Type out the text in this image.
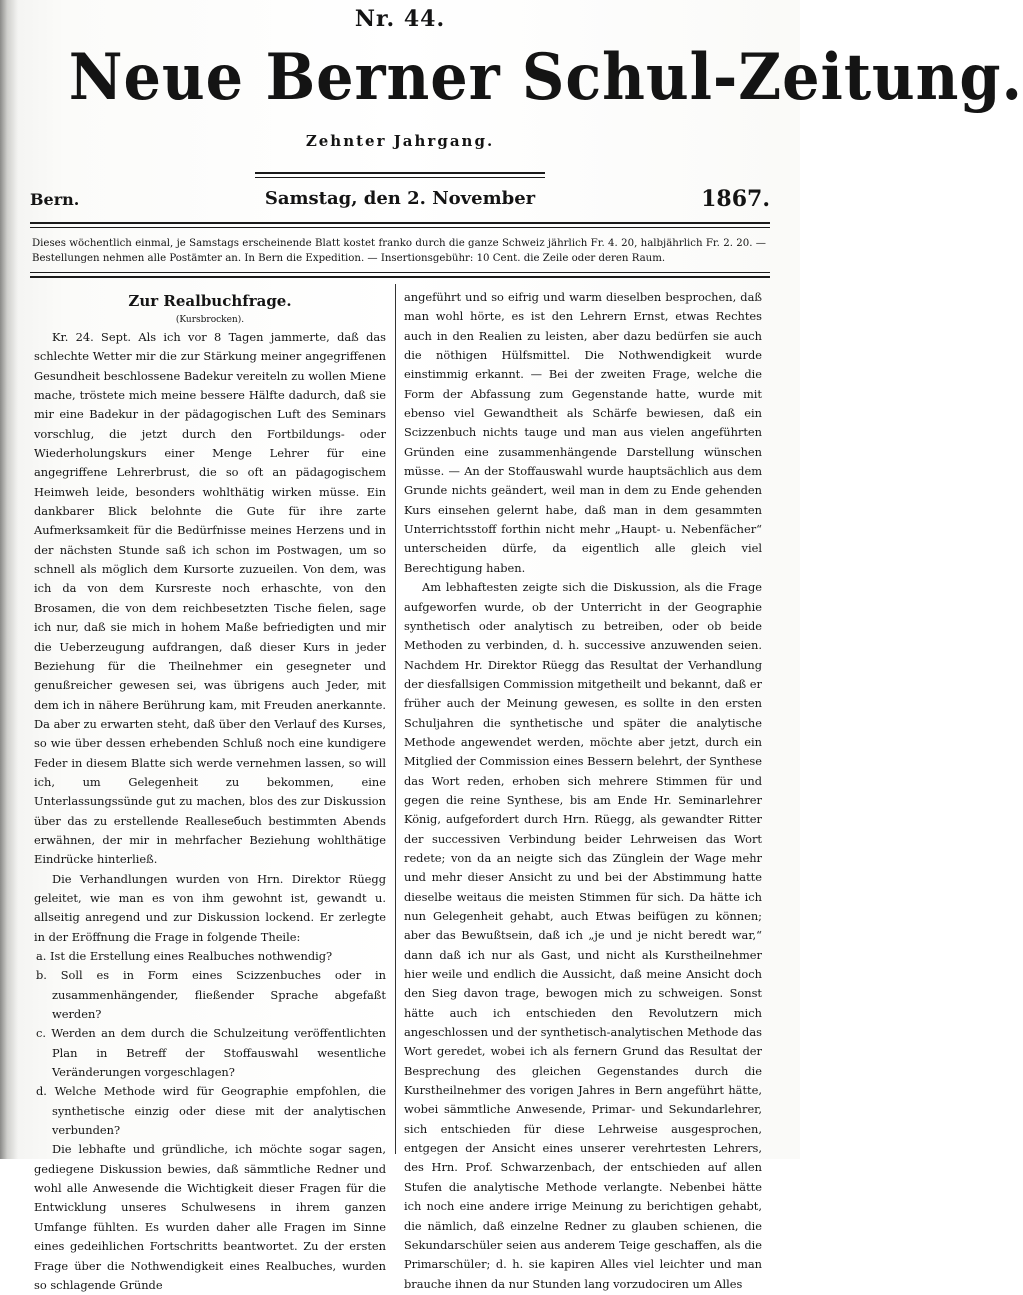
Nr. 44.
Neue Berner Schul-Zeitung.
Zehnter Jahrgang.
Bern.	Samstag, den 2. November	1867.
Dieses wöchentlich einmal, je Samstags erscheinende Blatt kostet franko durch die ganze Schweiz jährlich Fr. 4. 20, halbjährlich Fr. 2. 20. — Bestellungen nehmen alle Postämter an. In Bern die Expedition. — Insertionsgebühr: 10 Cent. die Zeile oder deren Raum.
Zur Realbuchfrage.
(Kursbrocken).

Kr. 24. Sept. Als ich vor 8 Tagen jammerte, daß das schlechte Wetter mir die zur Stärkung meiner angegriffenen Gesundheit beschlossene Badekur vereiteln zu wollen Miene mache, tröstete mich meine bessere Hälfte dadurch, daß sie mir eine Badekur in der pädagogischen Luft des Seminars vorschlug, die jetzt durch den Fortbildungs- oder Wiederholungskurs einer Menge Lehrer für eine angegriffene Lehrerbrust, die so oft an pädagogischem Heimweh leide, besonders wohlthätig wirken müsse. Ein dankbarer Blick belohnte die Gute für ihre zarte Aufmerksamkeit für die Bedürfnisse meines Herzens und in der nächsten Stunde saß ich schon im Postwagen, um so schnell als möglich dem Kursorte zuzueilen. Von dem, was ich da von dem Kursreste noch erhaschte, von den Brosamen, die von dem reichbesetzten Tische fielen, sage ich nur, daß sie mich in hohem Maße befriedigten und mir die Ueberzeugung aufdrangen, daß dieser Kurs in jeder Beziehung für die Theilnehmer ein gesegneter und genußreicher gewesen sei, was übrigens auch Jeder, mit dem ich in nähere Berührung kam, mit Freuden anerkannte. Da aber zu erwarten steht, daß über den Verlauf des Kurses, so wie über dessen erhebenden Schluß noch eine kundigere Feder in diesem Blatte sich werde vernehmen lassen, so will ich, um Gelegenheit zu bekommen, eine Unterlassungssünde gut zu machen, blos des zur Diskussion über das zu erstellende Realleseбuch bestimmten Abends erwähnen, der mir in mehrfacher Beziehung wohlthätige Eindrücke hinterließ.

Die Verhandlungen wurden von Hrn. Direktor Rüegg geleitet, wie man es von ihm gewohnt ist, gewandt u. allseitig anregend und zur Diskussion lockend. Er zerlegte in der Eröffnung die Frage in folgende Theile:

a. Ist die Erstellung eines Realbuches nothwendig?

b. Soll es in Form eines Scizzenbuches oder in zusammenhängender, fließender Sprache abgefaßt werden?

c. Werden an dem durch die Schulzeitung veröffentlichten Plan in Betreff der Stoffauswahl wesentliche Veränderungen vorgeschlagen?

d. Welche Methode wird für Geographie empfohlen, die synthetische einzig oder diese mit der analytischen verbunden?

Die lebhafte und gründliche, ich möchte sogar sagen, gediegene Diskussion bewies, daß sämmtliche Redner und wohl alle Anwesende die Wichtigkeit dieser Fragen für die Entwicklung unseres Schulwesens in ihrem ganzen Umfange fühlten. Es wurden daher alle Fragen im Sinne eines gedeihlichen Fortschritts beantwortet. Zu der ersten Frage über die Nothwendigkeit eines Realbuches, wurden so schlagende Gründe

angeführt und so eifrig und warm dieselben besprochen, daß man wohl hörte, es ist den Lehrern Ernst, etwas Rechtes auch in den Realien zu leisten, aber dazu bedürfen sie auch die nöthigen Hülfsmittel. Die Nothwendigkeit wurde einstimmig erkannt. — Bei der zweiten Frage, welche die Form der Abfassung zum Gegenstande hatte, wurde mit ebenso viel Gewandtheit als Schärfe bewiesen, daß ein Scizzenbuch nichts tauge und man aus vielen angeführten Gründen eine zusammenhängende Darstellung wünschen müsse. — An der Stoffauswahl wurde hauptsächlich aus dem Grunde nichts geändert, weil man in dem zu Ende gehenden Kurs einsehen gelernt habe, daß man in dem gesammten Unterrichtsstoff forthin nicht mehr „Haupt- u. Nebenfächer“ unterscheiden dürfe, da eigentlich alle gleich viel Berechtigung haben.

Am lebhaftesten zeigte sich die Diskussion, als die Frage aufgeworfen wurde, ob der Unterricht in der Geographie synthetisch oder analytisch zu betreiben, oder ob beide Methoden zu verbinden, d. h. successive anzuwenden seien. Nachdem Hr. Direktor Rüegg das Resultat der Verhandlung der diesfallsigen Commission mitgetheilt und bekannt, daß er früher auch der Meinung gewesen, es sollte in den ersten Schuljahren die synthetische und später die analytische Methode angewendet werden, möchte aber jetzt, durch ein Mitglied der Commission eines Bessern belehrt, der Synthese das Wort reden, erhoben sich mehrere Stimmen für und gegen die reine Synthese, bis am Ende Hr. Seminarlehrer König, aufgefordert durch Hrn. Rüegg, als gewandter Ritter der successiven Verbindung beider Lehrweisen das Wort redete; von da an neigte sich das Zünglein der Wage mehr und mehr dieser Ansicht zu und bei der Abstimmung hatte dieselbe weitaus die meisten Stimmen für sich. Da hätte ich nun Gelegenheit gehabt, auch Etwas beifügen zu können; aber das Bewußtsein, daß ich „je und je nicht beredt war,“ dann daß ich nur als Gast, und nicht als Kurstheilnehmer hier weile und endlich die Aussicht, daß meine Ansicht doch den Sieg davon trage, bewogen mich zu schweigen. Sonst hätte auch ich entschieden den Revolutzern mich angeschlossen und der synthetisch-analytischen Methode das Wort geredet, wobei ich als fernern Grund das Resultat der Besprechung des gleichen Gegenstandes durch die Kurstheilnehmer des vorigen Jahres in Bern angeführt hätte, wobei sämmtliche Anwesende, Primar- und Sekundarlehrer, sich entschieden für diese Lehrweise ausgesprochen, entgegen der Ansicht eines unserer verehrtesten Lehrers, des Hrn. Prof. Schwarzenbach, der entschieden auf allen Stufen die analytische Methode verlangte. Nebenbei hätte ich noch eine andere irrige Meinung zu berichtigen gehabt, die nämlich, daß einzelne Redner zu glauben schienen, die Sekundarschüler seien aus anderem Teige geschaffen, als die Primarschüler; d. h. sie kapiren Alles viel leichter und man brauche ihnen da nur Stunden lang vorzudociren um Alles
